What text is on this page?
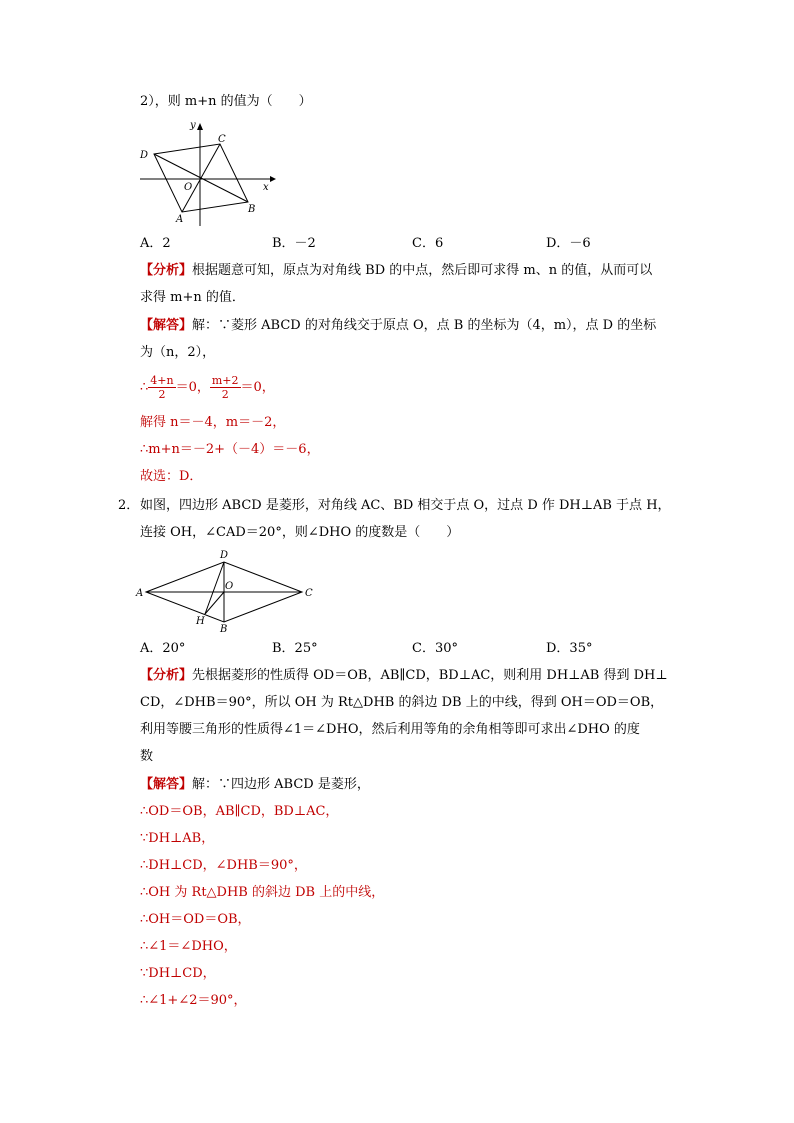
2），则 m+n 的值为（　　）
y
x
C
D
O
A
B
A．2	B．－2	C．6	D．－6
【分析】根据题意可知，原点为对角线 BD 的中点，然后即可求得 m、n 的值，从而可以
求得 m+n 的值．
【解答】解：∵菱形 ABCD 的对角线交于原点 O，点 B 的坐标为（4，m），点 D 的坐标
为（n，2），
∴ $\frac{4+n}{2} =0$， $\frac{m+2}{2} =0$，
解得 n＝－4，m＝－2，
∴m+n＝－2+（－4）＝－6，
故选：D．
2． 如图，四边形 ABCD 是菱形，对角线 AC、BD 相交于点 O，过点 D 作 DH⊥AB 于点 H，
连接 OH，∠CAD＝20°，则∠DHO 的度数是（　　）
D
O
A	C
H
B
A．20°	B．25°	C．30°	D．35°
【分析】先根据菱形的性质得 OD＝OB，AB∥CD，BD⊥AC，则利用 DH⊥AB 得到 DH⊥
CD，∠DHB＝90°，所以 OH 为 Rt△DHB 的斜边 DB 上的中线，得到 OH＝OD＝OB，
利用等腰三角形的性质得∠1＝∠DHO，然后利用等角的余角相等即可求出∠DHO 的度
数
【解答】解：∵四边形 ABCD 是菱形，
∴OD＝OB，AB∥CD，BD⊥AC，
∵DH⊥AB，
∴DH⊥CD，∠DHB＝90°，
∴OH 为 Rt△DHB 的斜边 DB 上的中线，
∴OH＝OD＝OB，
∴∠1＝∠DHO，
∵DH⊥CD，
∴∠1+∠2＝90°，
